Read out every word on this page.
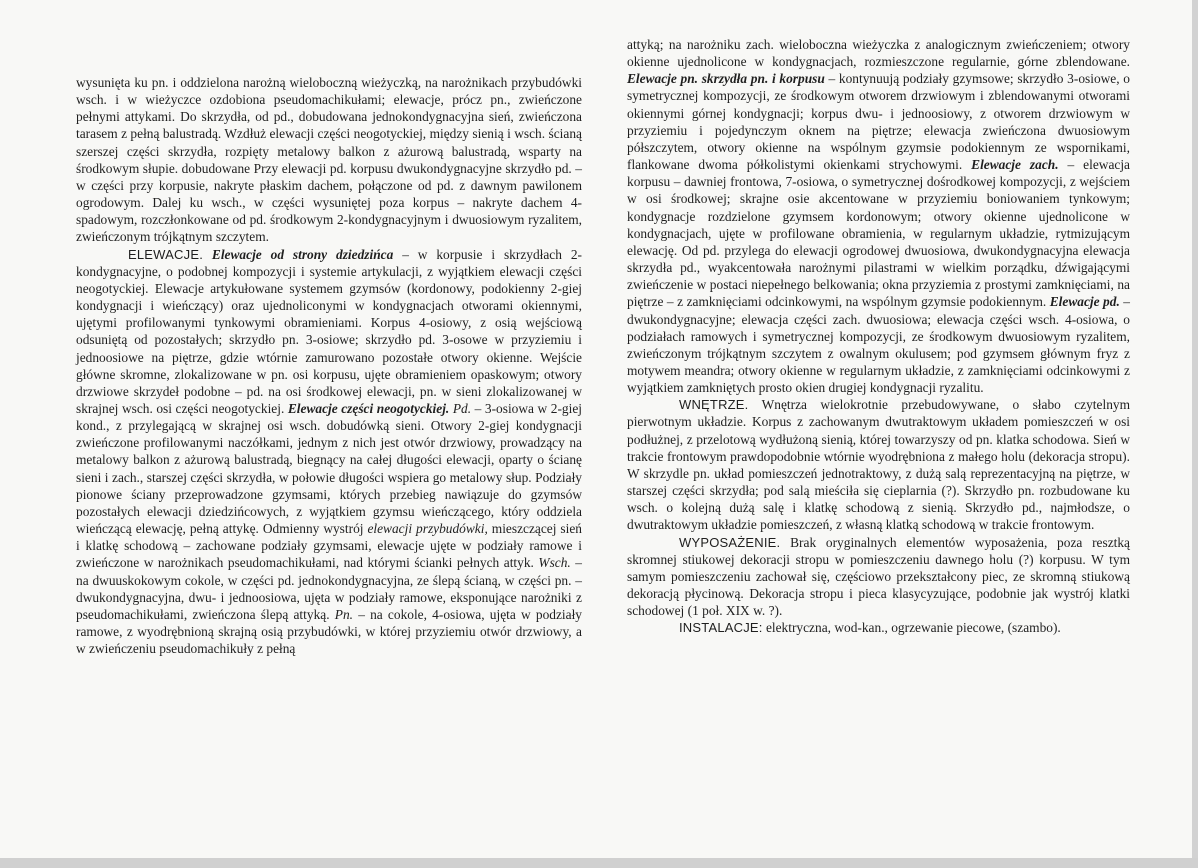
wysunięta ku pn. i oddzielona narożną wieloboczną wieżyczką, na narożnikach przybudówki wsch. i w wieżyczce ozdobiona pseudomachikułami; elewacje, prócz pn., zwieńczone pełnymi attykami. Do skrzydła, od pd., dobudowana jednokondygnacyjna sień, zwieńczona tarasem z pełną balustradą. Wzdłuż elewacji części neogotyckiej, między sienią i wsch. ścianą szerszej części skrzydła, rozpięty metalowy balkon z ażurową balustradą, wsparty na środkowym słupie. dobudowane Przy elewacji pd. korpusu dwukondygnacyjne skrzydło pd. – w części przy korpusie, nakryte płaskim dachem, połączone od pd. z dawnym pawilonem ogrodowym. Dalej ku wsch., w części wysuniętej poza korpus – nakryte dachem 4-spadowym, rozczłonkowane od pd. środkowym 2-kondygnacyjnym i dwuosiowym ryzalitem, zwieńczonym trójkątnym szczytem.

ELEWACJE. Elewacje od strony dziedzińca – w korpusie i skrzydłach 2-kondygnacyjne, o podobnej kompozycji i systemie artykulacji, z wyjątkiem elewacji części neogotyckiej. Elewacje artykułowane systemem gzymsów (kordonowy, podokienny 2-giej kondygnacji i wieńczący) oraz ujednoliconymi w kondygnacjach otworami okiennymi, ujętymi profilowanymi tynkowymi obramieniami. Korpus 4-osiowy, z osią wejściową odsuniętą od pozostałych; skrzydło pn. 3-osiowe; skrzydło pd. 3-osowe w przyziemiu i jednoosiowe na piętrze, gdzie wtórnie zamurowano pozostałe otwory okienne. Wejście główne skromne, zlokalizowane w pn. osi korpusu, ujęte obramieniem opaskowym; otwory drzwiowe skrzydeł podobne – pd. na osi środkowej elewacji, pn. w sieni zlokalizowanej w skrajnej wsch. osi części neogotyckiej. Elewacje części neogotyckiej. Pd. – 3-osiowa w 2-giej kond., z przylegającą w skrajnej osi wsch. dobudówką sieni. Otwory 2-giej kondygnacji zwieńczone profilowanymi naczółkami, jednym z nich jest otwór drzwiowy, prowadzący na metalowy balkon z ażurową balustradą, biegnący na całej długości elewacji, oparty o ścianę sieni i zach., starszej części skrzydła, w połowie długości wspiera go metalowy słup. Podziały pionowe ściany przeprowadzone gzymsami, których przebieg nawiązuje do gzymsów pozostałych elewacji dziedzińcowych, z wyjątkiem gzymsu wieńczącego, który oddziela wieńczącą elewację, pełną attykę. Odmienny wystrój elewacji przybudówki, mieszczącej sień i klatkę schodową – zachowane podziały gzymsami, elewacje ujęte w podziały ramowe i zwieńczone w narożnikach pseudomachikułami, nad którymi ścianki pełnych attyk. Wsch. – na dwuuskokowym cokole, w części pd. jednokondygnacyjna, ze ślepą ścianą, w części pn. – dwukondygnacyjna, dwu- i jednoosiowa, ujęta w podziały ramowe, eksponujące narożniki z pseudomachikułami, zwieńczona ślepą attyką. Pn. – na cokole, 4-osiowa, ujęta w podziały ramowe, z wyodrębnioną skrajną osią przybudówki, w której przyziemiu otwór drzwiowy, a w zwieńczeniu pseudomachikuły z pełną

attyką; na narożniku zach. wieloboczna wieżyczka z analogicznym zwieńczeniem; otwory okienne ujednolicone w kondygnacjach, rozmieszczone regularnie, górne zblendowane. Elewacje pn. skrzydła pn. i korpusu – kontynuują podziały gzymsowe; skrzydło 3-osiowe, o symetrycznej kompozycji, ze środkowym otworem drzwiowym i zblendowanymi otworami okiennymi górnej kondygnacji; korpus dwu- i jednoosiowy, z otworem drzwiowym w przyziemiu i pojedynczym oknem na piętrze; elewacja zwieńczona dwuosiowym półszczytem, otwory okienne na wspólnym gzymsie podokiennym ze wspornikami, flankowane dwoma półkolistymi okienkami strychowymi. Elewacje zach. – elewacja korpusu – dawniej frontowa, 7-osiowa, o symetrycznej dośrodkowej kompozycji, z wejściem w osi środkowej; skrajne osie akcentowane w przyziemiu boniowaniem tynkowym; kondygnacje rozdzielone gzymsem kordonowym; otwory okienne ujednolicone w kondygnacjach, ujęte w profilowane obramienia, w regularnym układzie, rytmizującym elewację. Od pd. przylega do elewacji ogrodowej dwuosiowa, dwukondygnacyjna elewacja skrzydła pd., wyakcentowała narożnymi pilastrami w wielkim porządku, dźwigającymi zwieńczenie w postaci niepełnego belkowania; okna przyziemia z prostymi zamknięciami, na piętrze – z zamknięciami odcinkowymi, na wspólnym gzymsie podokiennym. Elewacje pd. – dwukondygnacyjne; elewacja części zach. dwuosiowa; elewacja części wsch. 4-osiowa, o podziałach ramowych i symetrycznej kompozycji, ze środkowym dwuosiowym ryzalitem, zwieńczonym trójkątnym szczytem z owalnym okulusem; pod gzymsem głównym fryz z motywem meandra; otwory okienne w regularnym układzie, z zamknięciami odcinkowymi z wyjątkiem zamkniętych prosto okien drugiej kondygnacji ryzalitu.

WNĘTRZE. Wnętrza wielokrotnie przebudowywane, o słabo czytelnym pierwotnym układzie. Korpus z zachowanym dwutraktowym układem pomieszczeń w osi podłużnej, z przelotową wydłużoną sienią, której towarzyszy od pn. klatka schodowa. Sień w trakcie frontowym prawdopodobnie wtórnie wyodrębniona z małego holu (dekoracja stropu). W skrzydle pn. układ pomieszczeń jednotraktowy, z dużą salą reprezentacyjną na piętrze, w starszej części skrzydła; pod salą mieściła się cieplarnia (?). Skrzydło pn. rozbudowane ku wsch. o kolejną dużą salę i klatkę schodową z sienią. Skrzydło pd., najmłodsze, o dwutraktowym układzie pomieszczeń, z własną klatką schodową w trakcie frontowym.

WYPOSAŻENIE. Brak oryginalnych elementów wyposażenia, poza resztką skromnej stiukowej dekoracji stropu w pomieszczeniu dawnego holu (?) korpusu. W tym samym pomieszczeniu zachował się, częściowo przekształcony piec, ze skromną stiukową dekoracją płycinową. Dekoracja stropu i pieca klasycyzujące, podobnie jak wystrój klatki schodowej (1 poł. XIX w. ?).

INSTALACJE: elektryczna, wod-kan., ogrzewanie piecowe, (szambo).
